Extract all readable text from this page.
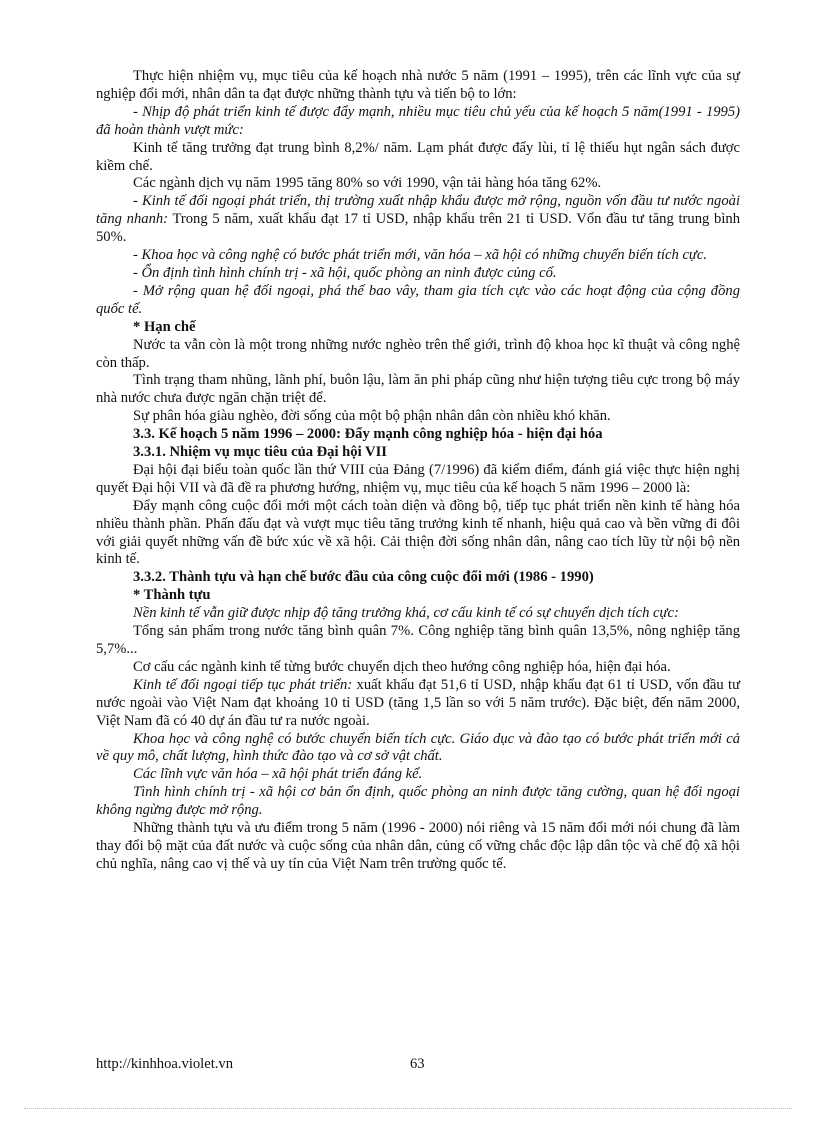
Thực hiện nhiệm vụ, mục tiêu của kế hoạch nhà nước 5 năm (1991 – 1995), trên các lĩnh vực của sự nghiệp đổi mới, nhân dân ta đạt được những thành tựu và tiến bộ to lớn:

- Nhịp độ phát triển kinh tế được đẩy mạnh, nhiều mục tiêu chủ yếu của kế hoạch 5 năm(1991 - 1995) đã hoàn thành vượt mức:

Kinh tế tăng trưởng đạt trung bình 8,2%/ năm. Lạm phát được đẩy lùi, tỉ lệ thiếu hụt ngân sách được kiềm chế.

Các ngành dịch vụ năm 1995 tăng 80% so với 1990, vận tải hàng hóa tăng 62%.

- Kinh tế đối ngoại phát triển, thị trường xuất nhập khẩu được mở rộng, nguồn vốn đầu tư nước ngoài tăng nhanh: Trong 5 năm, xuất khẩu đạt 17 tỉ USD, nhập khẩu trên 21 tỉ USD. Vốn đầu tư tăng trung bình 50%.

- Khoa học và công nghệ có bước phát triển mới, văn hóa – xã hội có những chuyển biến tích cực.

- Ổn định tình hình chính trị - xã hội, quốc phòng an ninh được củng cố.

- Mở rộng quan hệ đối ngoại, phá thế bao vây, tham gia tích cực vào các hoạt động của cộng đồng quốc tế.

* Hạn chế

Nước ta vẫn còn là một trong những nước nghèo trên thế giới, trình độ khoa học kĩ thuật và công nghệ còn thấp.

Tình trạng tham nhũng, lãnh phí, buôn lậu, làm ăn phi pháp cũng như hiện tượng tiêu cực trong bộ máy nhà nước chưa được ngăn chặn triệt để.

Sự phân hóa giàu nghèo, đời sống của một bộ phận nhân dân còn nhiều khó khăn.

3.3. Kế hoạch 5 năm 1996 – 2000: Đẩy mạnh công nghiệp hóa - hiện đại hóa

3.3.1. Nhiệm vụ mục tiêu của Đại hội VII

Đại hội đại biểu toàn quốc lần thứ VIII của Đảng (7/1996) đã kiểm điểm, đánh giá việc thực hiện nghị quyết Đại hội VII và đã đề ra phương hướng, nhiệm vụ, mục tiêu của kế hoạch 5 năm 1996 – 2000 là:

Đẩy mạnh công cuộc đổi mới một cách toàn diện và đồng bộ, tiếp tục phát triển nền kinh tế hàng hóa nhiều thành phần. Phấn đấu đạt và vượt mục tiêu tăng trưởng kinh tế nhanh, hiệu quả cao và bền vững đi đôi với giải quyết những vấn đề bức xúc về xã hội. Cải thiện đời sống nhân dân, nâng cao tích lũy từ nội bộ nền kinh tế.

3.3.2. Thành tựu và hạn chế bước đầu của công cuộc đổi mới (1986 - 1990)

* Thành tựu

Nền kinh tế vẫn giữ được nhịp độ tăng trưởng khá, cơ cấu kinh tế có sự chuyển dịch tích cực:

Tổng sản phẩm trong nước tăng bình quân 7%. Công nghiệp tăng bình quân 13,5%, nông nghiệp tăng 5,7%...

Cơ cấu các ngành kinh tế từng bước chuyển dịch theo hướng công nghiệp hóa, hiện đại hóa.

Kinh tế đối ngoại tiếp tục phát triển: xuất khẩu đạt 51,6 tỉ USD, nhập khẩu đạt 61 tỉ USD, vốn đầu tư nước ngoài vào Việt Nam đạt khoảng 10 tỉ USD (tăng 1,5 lần so với 5 năm trước). Đặc biệt, đến năm 2000, Việt Nam đã có 40 dự án đầu tư ra nước ngoài.

Khoa học và công nghệ có bước chuyển biến tích cực. Giáo dục và đào tạo có bước phát triển mới cả về quy mô, chất lượng, hình thức đào tạo và cơ sở vật chất.

Các lĩnh vực văn hóa – xã hội phát triển đáng kể.

Tình hình chính trị - xã hội cơ bản ổn định, quốc phòng an ninh được tăng cường, quan hệ đối ngoại không ngừng được mở rộng.

Những thành tựu và ưu điểm trong 5 năm (1996 - 2000) nói riêng và 15 năm đổi mới nói chung đã làm thay đổi bộ mặt của đất nước và cuộc sống của nhân dân, củng cố vững chắc độc lập dân tộc và chế độ xã hội chủ nghĩa, nâng cao vị thế và uy tín của Việt Nam trên trường quốc tế.

http://kinhhoa.violet.vn	63
